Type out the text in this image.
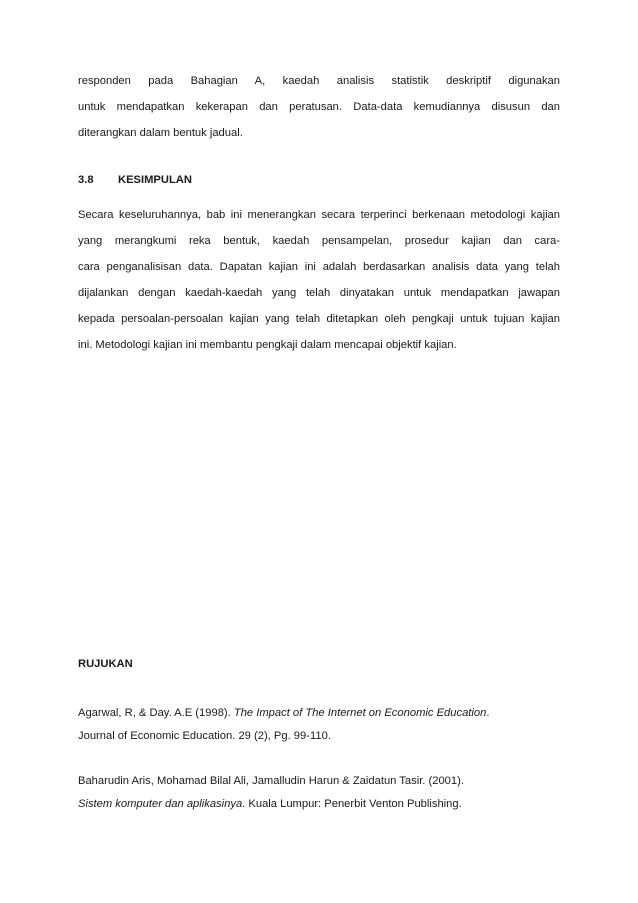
responden pada Bahagian A, kaedah analisis statistik deskriptif digunakan
untuk mendapatkan kekerapan dan peratusan. Data-data kemudiannya disusun dan
diterangkan dalam bentuk jadual.
3.8 KESIMPULAN
Secara keseluruhannya, bab ini menerangkan secara terperinci berkenaan metodologi kajian
yang merangkumi reka bentuk, kaedah pensampelan, prosedur kajian dan cara-
cara penganalisisan data. Dapatan kajian ini adalah berdasarkan analisis data yang telah
dijalankan dengan kaedah-kaedah yang telah dinyatakan untuk mendapatkan jawapan
kepada persoalan-persoalan kajian yang telah ditetapkan oleh pengkaji untuk tujuan kajian
ini. Metodologi kajian ini membantu pengkaji dalam mencapai objektif kajian.
RUJUKAN
Agarwal, R, & Day. A.E (1998). The Impact of The Internet on Economic Education.
Journal of Economic Education. 29 (2), Pg. 99-110.
Baharudin Aris, Mohamad Bilal Ali, Jamalludin Harun & Zaidatun Tasir. (2001).
Sistem komputer dan aplikasinya. Kuala Lumpur: Penerbit Venton Publishing.
